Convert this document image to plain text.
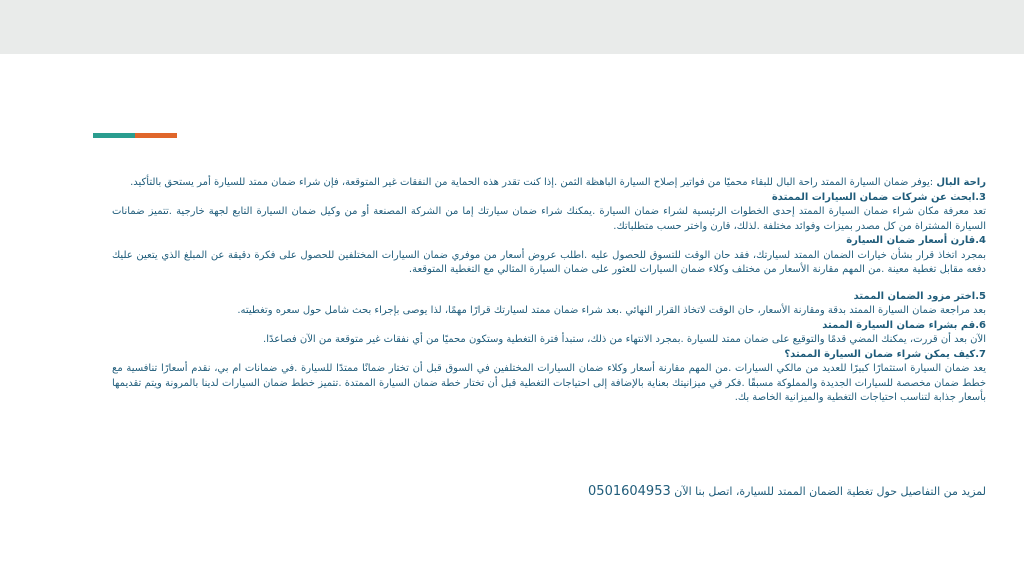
راحة البال :يوفر ضمان السيارة الممتد راحة البال للبقاء محميًا من فواتير إصلاح السيارة الباهظة الثمن .إذا كنت تقدر هذه الحماية من النفقات غير المتوقعة، فإن شراء ضمان ممتد للسيارة أمر يستحق بالتأكيد.

3.ابحث عن شركات ضمان السيارات الممتدة

تعد معرفة مكان شراء ضمان السيارة الممتد إحدى الخطوات الرئيسية لشراء ضمان السيارة .يمكنك شراء ضمان سيارتك إما من الشركة المصنعة أو من وكيل ضمان السيارة التابع لجهة خارجية .تتميز ضمانات السيارة المشتراة من كل مصدر بميزات وفوائد مختلفة .لذلك، قارن واختر حسب متطلباتك.

4.قارن أسعار ضمان السيارة

بمجرد اتخاذ قرار بشأن خيارات الضمان الممتد لسيارتك، فقد حان الوقت للتسوق للحصول عليه .اطلب عروض أسعار من موفري ضمان السيارات المختلفين للحصول على فكرة دقيقة عن المبلغ الذي يتعين عليك دفعه مقابل تغطية معينة .من المهم مقارنة الأسعار من مختلف وكلاء ضمان السيارات للعثور على ضمان السيارة المثالي مع التغطية المتوقعة.

5.اختر مزود الضمان الممتد

بعد مراجعة ضمان السيارة الممتد بدقة ومقارنة الأسعار، حان الوقت لاتخاذ القرار النهائي .بعد شراء ضمان ممتد لسيارتك قرارًا مهمًا، لذا يوصى بإجراء بحث شامل حول سعره وتغطيته.

6.قم بشراء ضمان السيارة الممتد

الآن بعد أن قررت، يمكنك المضي قدمًا والتوقيع على ضمان ممتد للسيارة .بمجرد الانتهاء من ذلك، ستبدأ فترة التغطية وستكون محميًا من أي نفقات غير متوقعة من الآن فصاعدًا.

7.كيف يمكن شراء ضمان السيارة الممتد؟

يعد ضمان السيارة استثمارًا كبيرًا للعديد من مالكي السيارات .من المهم مقارنة أسعار وكلاء ضمان السيارات المختلفين في السوق قبل أن تختار ضمانًا ممتدًا للسيارة .في ضمانات ام بي، نقدم أسعارًا تنافسية مع خطط ضمان مخصصة للسيارات الجديدة والمملوكة مسبقًا .فكر في ميزانيتك بعناية بالإضافة إلى احتياجات التغطية قبل أن تختار خطة ضمان السيارة الممتدة .تتميز خطط ضمان السيارات لدينا بالمرونة ويتم تقديمها بأسعار جذابة لتناسب احتياجات التغطية والميزانية الخاصة بك.

لمزيد من التفاصيل حول تغطية الضمان الممتد للسيارة، اتصل بنا الآن 0501604953
